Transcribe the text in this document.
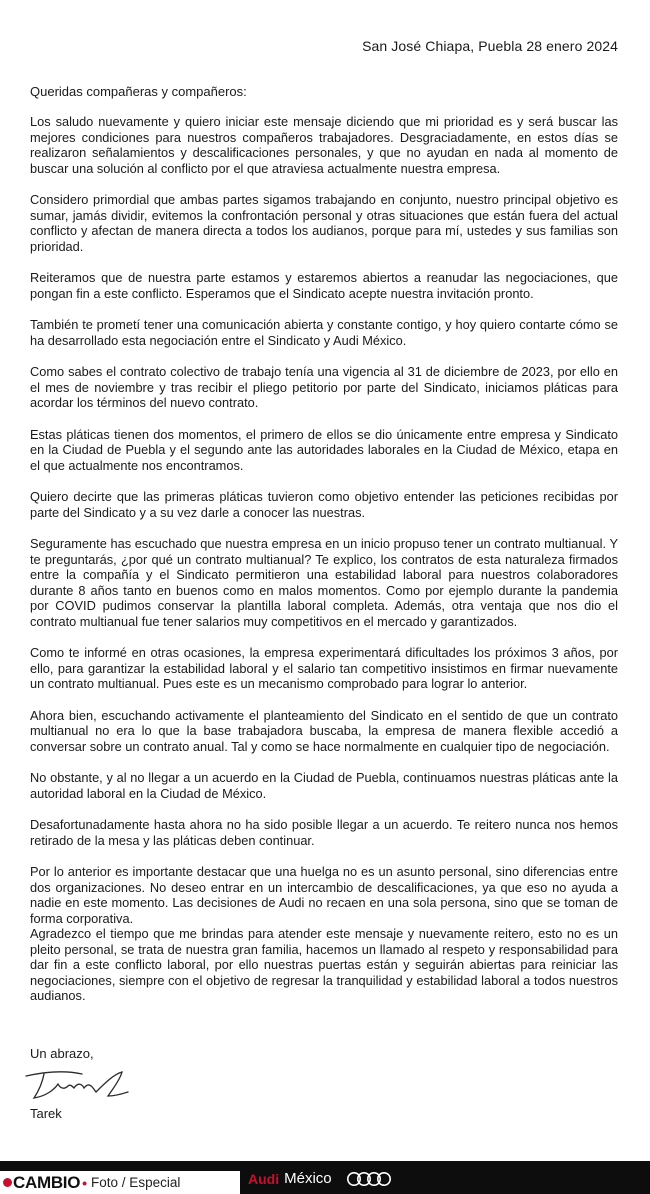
San José Chiapa, Puebla 28 enero 2024
Queridas compañeras y compañeros:

Los saludo nuevamente y quiero iniciar este mensaje diciendo que mi prioridad es y será buscar las mejores condiciones para nuestros compañeros trabajadores. Desgraciadamente, en estos días se realizaron señalamientos y descalificaciones personales, y que no ayudan en nada al momento de buscar una solución al conflicto por el que atraviesa actualmente nuestra empresa.

Considero primordial que ambas partes sigamos trabajando en conjunto, nuestro principal objetivo es sumar, jamás dividir, evitemos la confrontación personal y otras situaciones que están fuera del actual conflicto y afectan de manera directa a todos los audianos, porque para mí, ustedes y sus familias son prioridad.

Reiteramos que de nuestra parte estamos y estaremos abiertos a reanudar las negociaciones, que pongan fin a este conflicto. Esperamos que el Sindicato acepte nuestra invitación pronto.

También te prometí tener una comunicación abierta y constante contigo, y hoy quiero contarte cómo se ha desarrollado esta negociación entre el Sindicato y Audi México.

Como sabes el contrato colectivo de trabajo tenía una vigencia al 31 de diciembre de 2023, por ello en el mes de noviembre y tras recibir el pliego petitorio por parte del Sindicato, iniciamos pláticas para acordar los términos del nuevo contrato.

Estas pláticas tienen dos momentos, el primero de ellos se dio únicamente entre empresa y Sindicato en la Ciudad de Puebla y el segundo ante las autoridades laborales en la Ciudad de México, etapa en el que actualmente nos encontramos.

Quiero decirte que las primeras pláticas tuvieron como objetivo entender las peticiones recibidas por parte del Sindicato y a su vez darle a conocer las nuestras.

Seguramente has escuchado que nuestra empresa en un inicio propuso tener un contrato multianual. Y te preguntarás, ¿por qué un contrato multianual? Te explico, los contratos de esta naturaleza firmados entre la compañía y el Sindicato permitieron una estabilidad laboral para nuestros colaboradores durante 8 años tanto en buenos como en malos momentos. Como por ejemplo durante la pandemia por COVID pudimos conservar la plantilla laboral completa. Además, otra ventaja que nos dio el contrato multianual fue tener salarios muy competitivos en el mercado y garantizados.

Como te informé en otras ocasiones, la empresa experimentará dificultades los próximos 3 años, por ello, para garantizar la estabilidad laboral y el salario tan competitivo insistimos en firmar nuevamente un contrato multianual. Pues este es un mecanismo comprobado para lograr lo anterior.

Ahora bien, escuchando activamente el planteamiento del Sindicato en el sentido de que un contrato multianual no era lo que la base trabajadora buscaba, la empresa de manera flexible accedió a conversar sobre un contrato anual. Tal y como se hace normalmente en cualquier tipo de negociación.

No obstante, y al no llegar a un acuerdo en la Ciudad de Puebla, continuamos nuestras pláticas ante la autoridad laboral en la Ciudad de México.

Desafortunadamente hasta ahora no ha sido posible llegar a un acuerdo. Te reitero nunca nos hemos retirado de la mesa y las pláticas deben continuar.

Por lo anterior es importante destacar que una huelga no es un asunto personal, sino diferencias entre dos organizaciones. No deseo entrar en un intercambio de descalificaciones, ya que eso no ayuda a nadie en este momento. Las decisiones de Audi no recaen en una sola persona, sino que se toman de forma corporativa.

Agradezco el tiempo que me brindas para atender este mensaje y nuevamente reitero, esto no es un pleito personal, se trata de nuestra gran familia, hacemos un llamado al respeto y responsabilidad para dar fin a este conflicto laboral, por ello nuestras puertas están y seguirán abiertas para reiniciar las negociaciones, siempre con el objetivo de regresar la tranquilidad y estabilidad laboral a todos nuestros audianos.

Un abrazo,
Tarek
CAMBIO • Foto / Especial	Audi México
